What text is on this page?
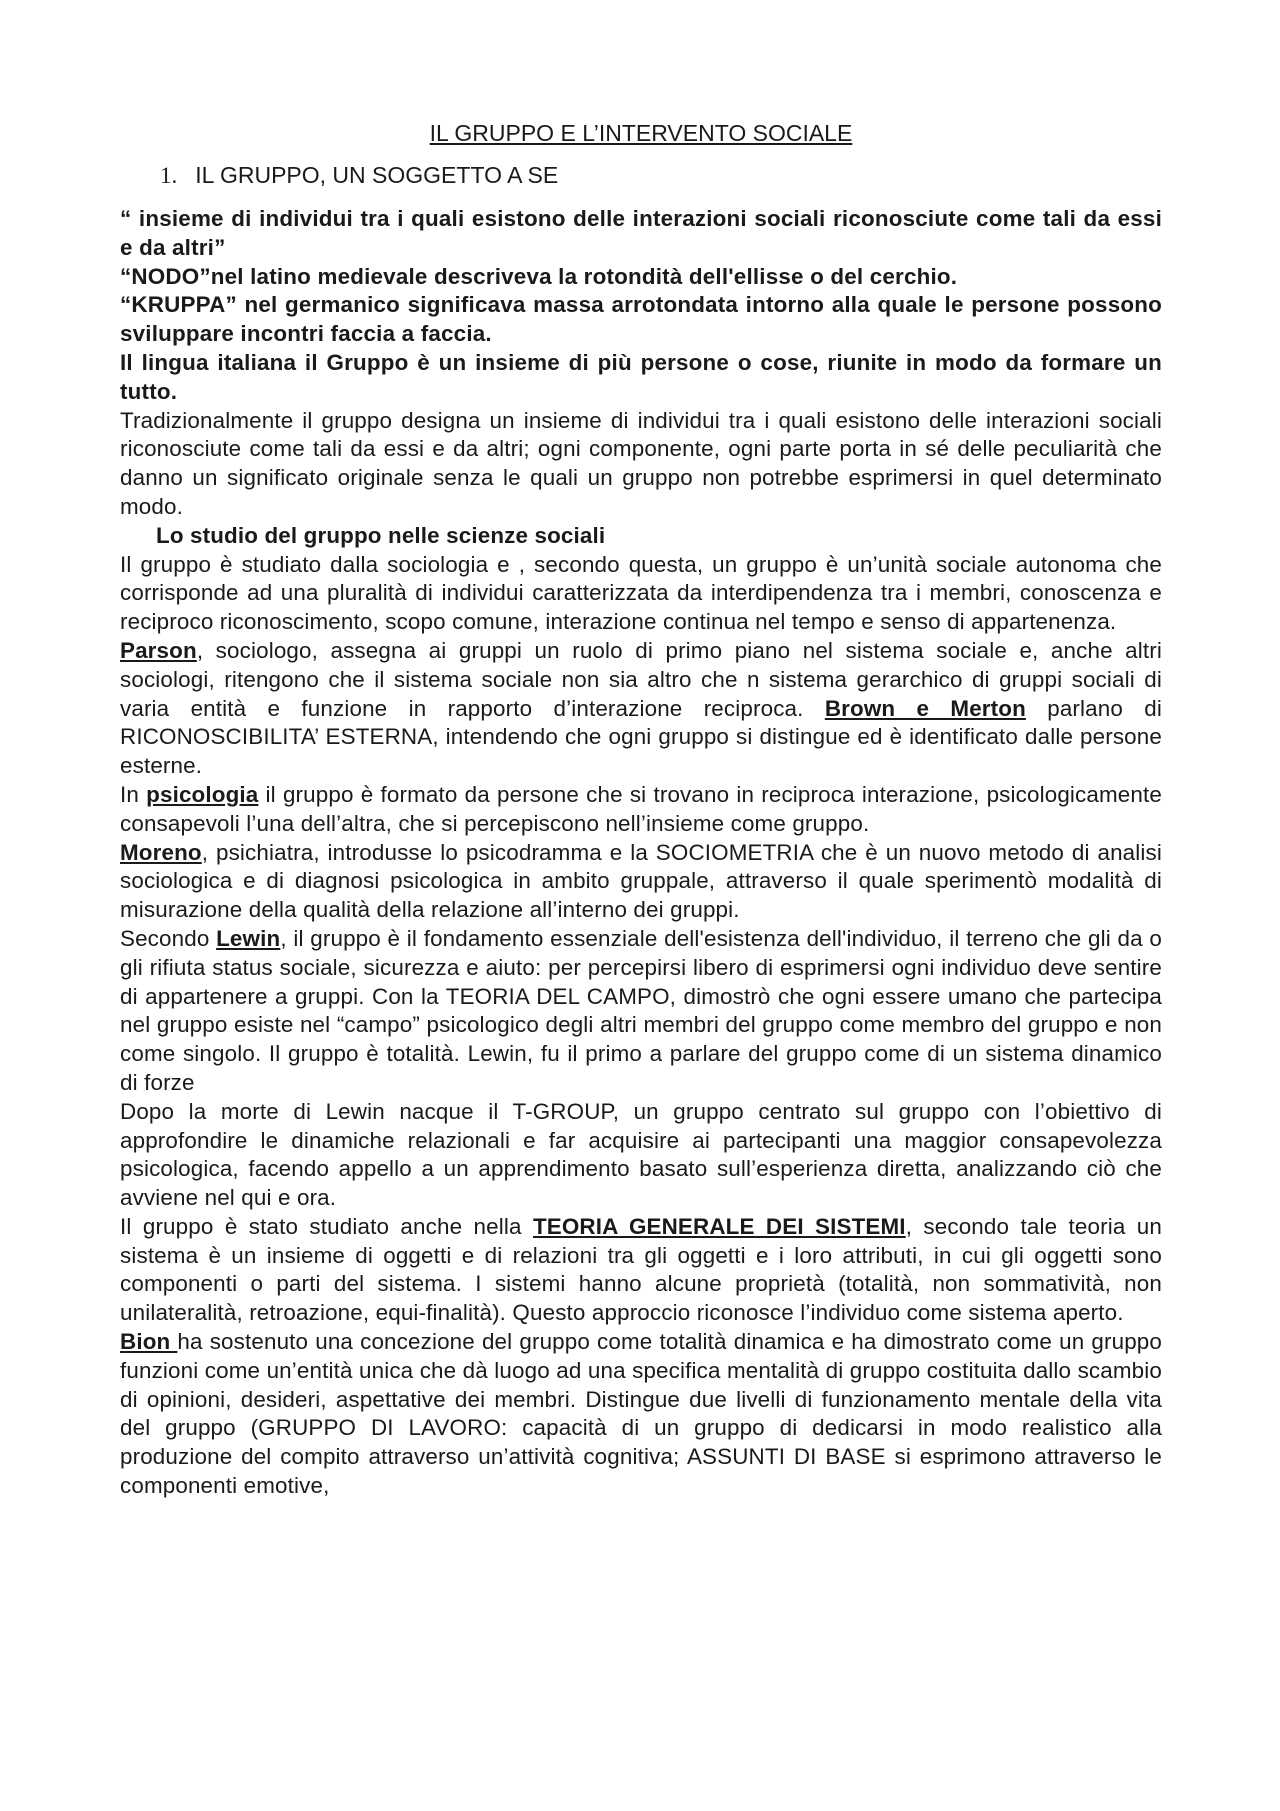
IL GRUPPO E L’INTERVENTO SOCIALE
1. IL GRUPPO, UN SOGGETTO A SE

“ insieme di individui tra i quali esistono delle interazioni sociali riconosciute come tali da essi e da altri”

“NODO”nel latino medievale descriveva la rotondità dell'ellisse o del cerchio.

“KRUPPA” nel germanico significava massa arrotondata intorno alla quale le persone possono sviluppare incontri faccia a faccia.

Il lingua italiana il Gruppo è un insieme di più persone o cose, riunite in modo da formare un tutto.

Tradizionalmente il gruppo designa un insieme di individui tra i quali esistono delle interazioni sociali riconosciute come tali da essi e da altri; ogni componente, ogni parte porta in sé delle peculiarità che danno un significato originale senza le quali un gruppo non potrebbe esprimersi in quel determinato modo.

Lo studio del gruppo nelle scienze sociali

Il gruppo è studiato dalla sociologia e , secondo questa, un gruppo è un’unità sociale autonoma che corrisponde ad una pluralità di individui caratterizzata da interdipendenza tra i membri, conoscenza e reciproco riconoscimento, scopo comune, interazione continua nel tempo e senso di appartenenza.

Parson, sociologo, assegna ai gruppi un ruolo di primo piano nel sistema sociale e, anche altri sociologi, ritengono che il sistema sociale non sia altro che n sistema gerarchico di gruppi sociali di varia entità e funzione in rapporto d’interazione reciproca. Brown e Merton parlano di RICONOSCIBILITA’ ESTERNA, intendendo che ogni gruppo si distingue ed è identificato dalle persone esterne.

In psicologia il gruppo è formato da persone che si trovano in reciproca interazione, psicologicamente consapevoli l’una dell’altra, che si percepiscono nell’insieme come gruppo.

Moreno, psichiatra, introdusse lo psicodramma e la SOCIOMETRIA che è un nuovo metodo di analisi sociologica e di diagnosi psicologica in ambito gruppale, attraverso il quale sperimentò modalità di misurazione della qualità della relazione all’interno dei gruppi.

Secondo Lewin, il gruppo è il fondamento essenziale dell'esistenza dell'individuo, il terreno che gli da o gli rifiuta status sociale, sicurezza e aiuto: per percepirsi libero di esprimersi ogni individuo deve sentire di appartenere a gruppi. Con la TEORIA DEL CAMPO, dimostrò che ogni essere umano che partecipa nel gruppo esiste nel “campo” psicologico degli altri membri del gruppo come membro del gruppo e non come singolo. Il gruppo è totalità. Lewin, fu il primo a parlare del gruppo come di un sistema dinamico di forze

Dopo la morte di Lewin nacque il T-GROUP, un gruppo centrato sul gruppo con l’obiettivo di approfondire le dinamiche relazionali e far acquisire ai partecipanti una maggior consapevolezza psicologica, facendo appello a un apprendimento basato sull’esperienza diretta, analizzando ciò che avviene nel qui e ora.

Il gruppo è stato studiato anche nella TEORIA GENERALE DEI SISTEMI, secondo tale teoria un sistema è un insieme di oggetti e di relazioni tra gli oggetti e i loro attributi, in cui gli oggetti sono componenti o parti del sistema. I sistemi hanno alcune proprietà (totalità, non sommatività, non unilateralità, retroazione, equi-finalità). Questo approccio riconosce l’individuo come sistema aperto.

Bion ha sostenuto una concezione del gruppo come totalità dinamica e ha dimostrato come un gruppo funzioni come un’entità unica che dà luogo ad una specifica mentalità di gruppo costituita dallo scambio di opinioni, desideri, aspettative dei membri. Distingue due livelli di funzionamento mentale della vita del gruppo (GRUPPO DI LAVORO: capacità di un gruppo di dedicarsi in modo realistico alla produzione del compito attraverso un’attività cognitiva; ASSUNTI DI BASE si esprimono attraverso le componenti emotive,
